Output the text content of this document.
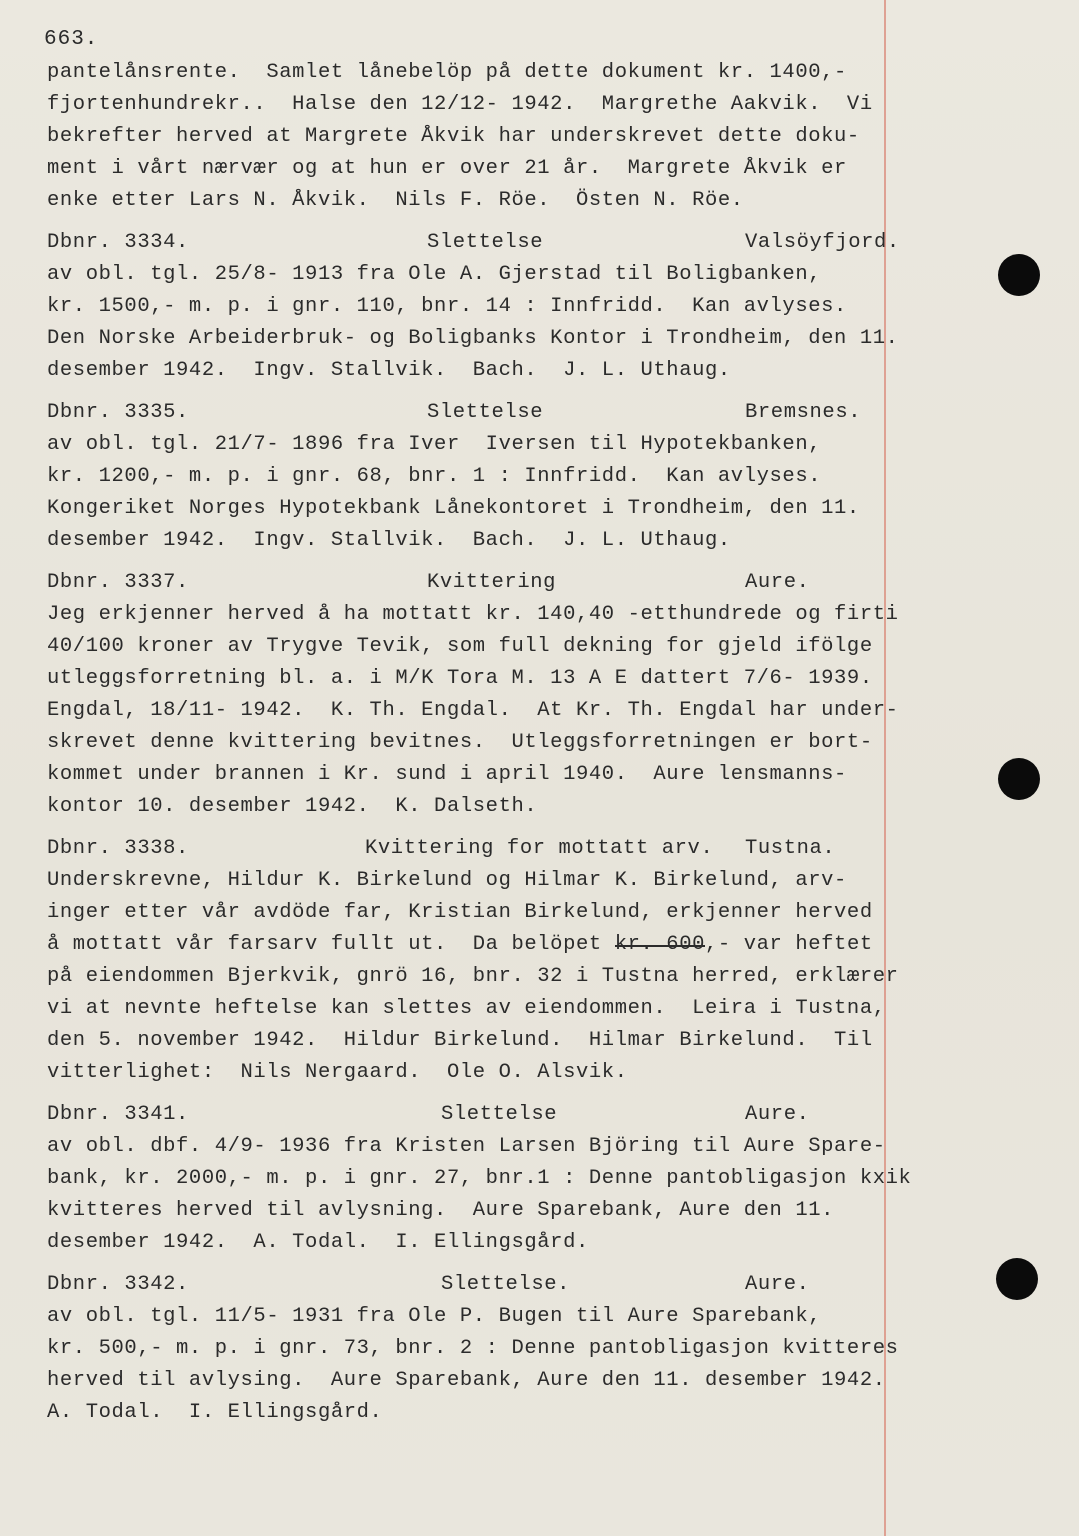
663.
pantelånsrente.  Samlet lånebelöp på dette dokument kr. 1400,-
fjortenhundrekr..  Halse den 12/12- 1942.  Margrethe Aakvik.  Vi
bekrefter herved at Margrete Åkvik har underskrevet dette doku-
ment i vårt nærvær og at hun er over 21 år.  Margrete Åkvik er
enke etter Lars N. Åkvik.  Nils F. Röe.  Östen N. Röe.
Dbnr. 3334.	Slettelse	Valsöyfjord.
av obl. tgl. 25/8- 1913 fra Ole A. Gjerstad til Boligbanken,
kr. 1500,- m. p. i gnr. 110, bnr. 14 : Innfridd.  Kan avlyses.
Den Norske Arbeiderbruk- og Boligbanks Kontor i Trondheim, den 11.
desember 1942.  Ingv. Stallvik.  Bach.  J. L. Uthaug.
Dbnr. 3335.	Slettelse	Bremsnes.
av obl. tgl. 21/7- 1896 fra Iver  Iversen til Hypotekbanken,
kr. 1200,- m. p. i gnr. 68, bnr. 1 : Innfridd.  Kan avlyses.
Kongeriket Norges Hypotekbank Lånekontoret i Trondheim, den 11.
desember 1942.  Ingv. Stallvik.  Bach.  J. L. Uthaug.
Dbnr. 3337.	Kvittering	Aure.
Jeg erkjenner herved å ha mottatt kr. 140,40 -etthundrede og firti
40/100 kroner av Trygve Tevik, som full dekning for gjeld ifölge
utleggsforretning bl. a. i M/K Tora M. 13 A E dattert 7/6- 1939.
Engdal, 18/11- 1942.  K. Th. Engdal.  At Kr. Th. Engdal har under-
skrevet denne kvittering bevitnes.  Utleggsforretningen er bort-
kommet under brannen i Kr. sund i april 1940.  Aure lensmanns-
kontor 10. desember 1942.  K. Dalseth.
Dbnr. 3338.	Kvittering for mottatt arv. Tustna.
Underskrevne, Hildur K. Birkelund og Hilmar K. Birkelund, arv-
inger etter vår avdöde far, Kristian Birkelund, erkjenner herved
å mottatt vår farsarv fullt ut.  Da belöpet kr. 600,- var heftet
på eiendommen Bjerkvik, gnrö 16, bnr. 32 i Tustna herred, erklærer
vi at nevnte heftelse kan slettes av eiendommen.  Leira i Tustna,
den 5. november 1942.  Hildur Birkelund.  Hilmar Birkelund.  Til
vitterlighet:  Nils Nergaard.  Ole O. Alsvik.
Dbnr. 3341.	Slettelse	Aure.
av obl. dbf. 4/9- 1936 fra Kristen Larsen Björing til Aure Spare-
bank, kr. 2000,- m. p. i gnr. 27, bnr.1 : Denne pantobligasjon kxik
kvitteres herved til avlysning.  Aure Sparebank, Aure den 11.
desember 1942.  A. Todal.  I. Ellingsgård.
Dbnr. 3342.	Slettelse.	Aure.
av obl. tgl. 11/5- 1931 fra Ole P. Bugen til Aure Sparebank,
kr. 500,- m. p. i gnr. 73, bnr. 2 : Denne pantobligasjon kvitteres
herved til avlysing.  Aure Sparebank, Aure den 11. desember 1942.
A. Todal.  I. Ellingsgård.
